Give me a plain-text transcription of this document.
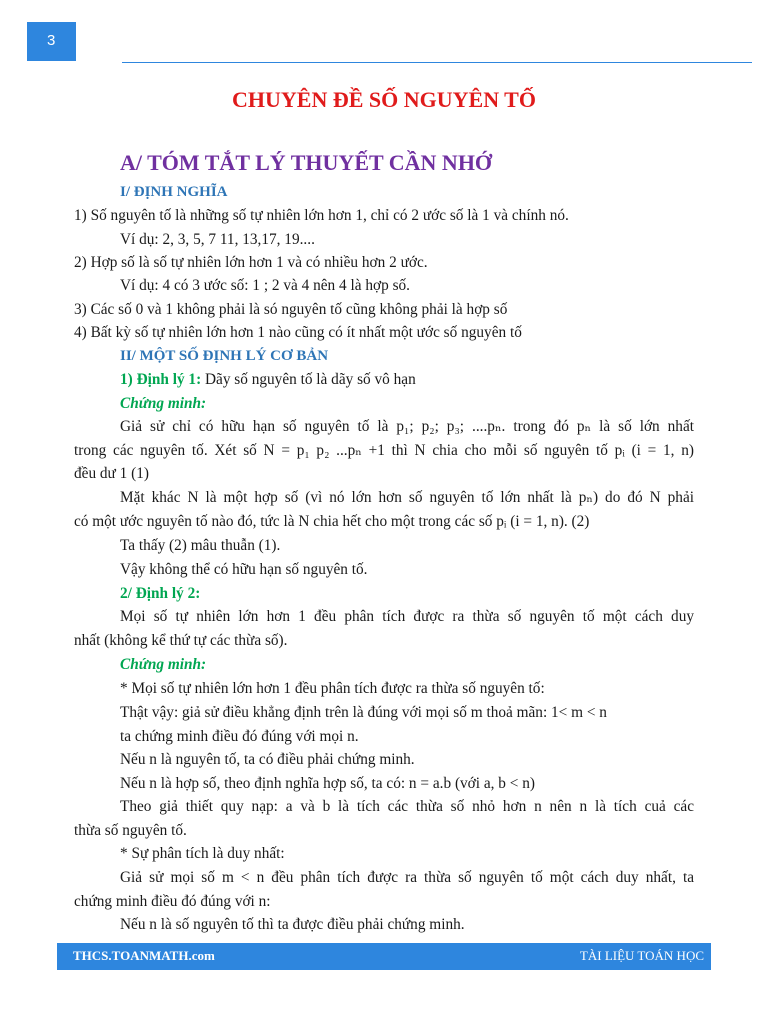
3
CHUYÊN ĐỀ SỐ NGUYÊN TỐ
A/ TÓM TẮT LÝ THUYẾT CẦN NHỚ
I/ ĐỊNH NGHĨA
1) Số nguyên tố là những số tự nhiên lớn hơn 1, chỉ có 2 ước số là 1 và chính nó.
Ví dụ: 2, 3, 5, 7 11, 13,17, 19....
2) Hợp số là số tự nhiên lớn hơn 1 và có nhiều hơn 2 ước.
Ví dụ: 4 có 3 ước số: 1 ; 2 và 4 nên 4 là hợp số.
3) Các số 0 và 1 không phải là só nguyên tố cũng không phải là hợp số
4) Bất kỳ số tự nhiên lớn hơn 1 nào cũng có ít nhất một ước số nguyên tố
II/ MỘT SỐ ĐỊNH LÝ CƠ BẢN
1) Định lý 1: Dãy số nguyên tố là dãy số vô hạn
Chứng minh:
Giả sử chỉ có hữu hạn số nguyên tố là p₁; p₂; p₃; ....pₙ. trong đó pₙ là số lớn nhất
trong các nguyên tố. Xét số N = p₁ p₂ ...pₙ +1 thì N chia cho mỗi số nguyên tố pᵢ (i = 1, n)
đều dư 1 (1)
Mặt khác N là một hợp số (vì nó lớn hơn số nguyên tố lớn nhất là pₙ) do đó N phải
có một ước nguyên tố nào đó, tức là N chia hết cho một trong các số pᵢ (i = 1, n). (2)
Ta thấy (2) mâu thuẫn (1).
Vậy không thể có hữu hạn số nguyên tố.
2/ Định lý 2:
Mọi số tự nhiên lớn hơn 1 đều phân tích được ra thừa số nguyên tố một cách duy
nhất (không kể thứ tự các thừa số).
Chứng minh:
* Mọi số tự nhiên lớn hơn 1 đều phân tích được ra thừa số nguyên tố:
Thật vậy: giả sử điều khẳng định trên là đúng với mọi số m thoả mãn: 1< m < n
ta chứng minh điều đó đúng với mọi n.
Nếu n là nguyên tố, ta có điều phải chứng minh.
Nếu n là hợp số, theo định nghĩa hợp số, ta có: n = a.b (với a, b < n)
Theo giả thiết quy nạp: a và b là tích các thừa số nhỏ hơn n nên n là tích cuả các
thừa số nguyên tố.
* Sự phân tích là duy nhất:
Giả sử mọi số m < n đều phân tích được ra thừa số nguyên tố một cách duy nhất, ta
chứng minh điều đó đúng với n:
Nếu n là số nguyên tố thì ta được điều phải chứng minh.
THCS.TOANMATH.com	TÀI LIỆU TOÁN HỌC
